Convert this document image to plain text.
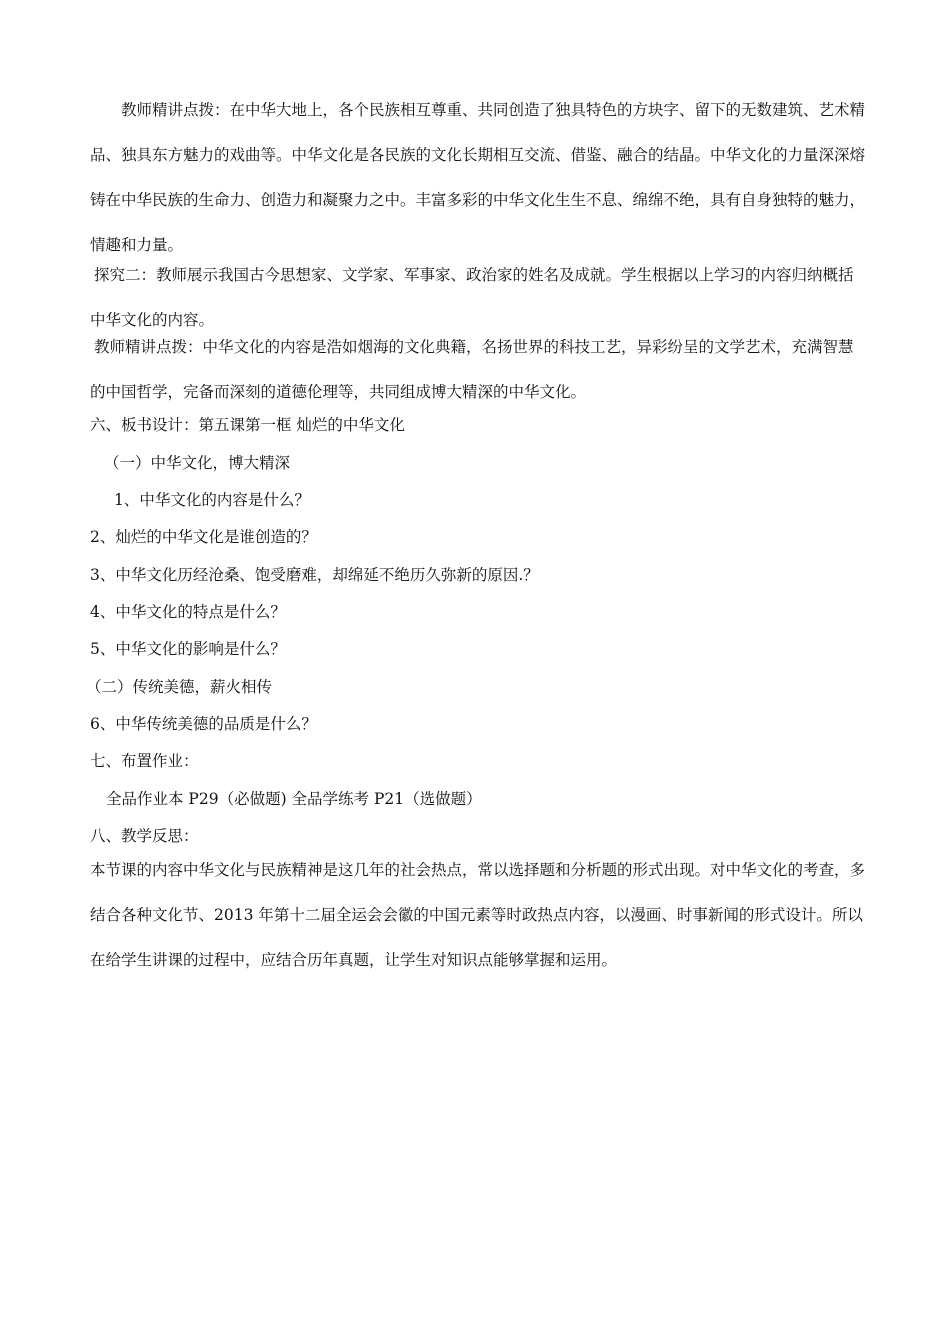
教师精讲点拨：在中华大地上，各个民族相互尊重、共同创造了独具特色的方块字、留下的无数建筑、艺术精品、独具东方魅力的戏曲等。中华文化是各民族的文化长期相互交流、借鉴、融合的结晶。中华文化的力量深深熔铸在中华民族的生命力、创造力和凝聚力之中。丰富多彩的中华文化生生不息、绵绵不绝，具有自身独特的魅力，情趣和力量。

探究二：教师展示我国古今思想家、文学家、军事家、政治家的姓名及成就。学生根据以上学习的内容归纳概括中华文化的内容。

教师精讲点拨：中华文化的内容是浩如烟海的文化典籍，名扬世界的科技工艺，异彩纷呈的文学艺术，充满智慧的中国哲学，完备而深刻的道德伦理等，共同组成博大精深的中华文化。

六、板书设计：第五课第一框 灿烂的中华文化
（一）中华文化，博大精深
1、中华文化的内容是什么？
2、灿烂的中华文化是谁创造的？
3、中华文化历经沧桑、饱受磨难，却绵延不绝历久弥新的原因.？
4、中华文化的特点是什么？
5、中华文化的影响是什么？
（二）传统美德，薪火相传
6、中华传统美德的品质是什么？
七、布置作业：
全品作业本 P29（必做题) 全品学练考 P21（选做题）
八、教学反思：

本节课的内容中华文化与民族精神是这几年的社会热点，常以选择题和分析题的形式出现。对中华文化的考查，多结合各种文化节、2013 年第十二届全运会会徽的中国元素等时政热点内容，以漫画、时事新闻的形式设计。所以在给学生讲课的过程中，应结合历年真题，让学生对知识点能够掌握和运用。
